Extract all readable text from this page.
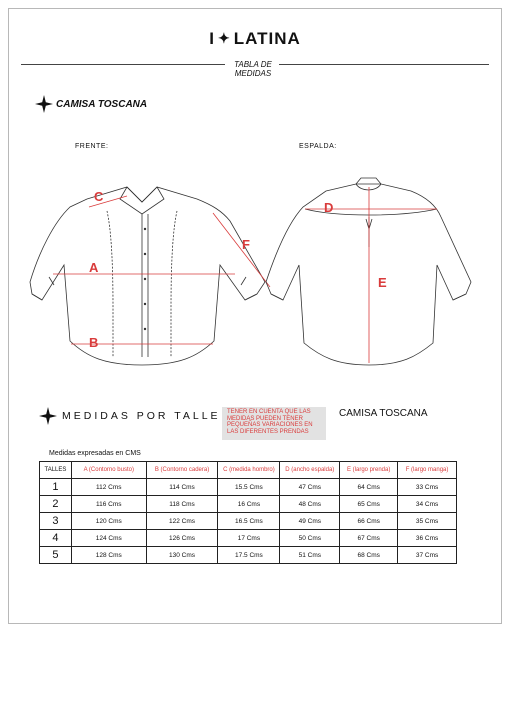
I ✦ LATINA
TABLA DE
MEDIDAS
CAMISA TOSCANA
FRENTE:	ESPALDA:
C
A
B
F
D
E
MEDIDAS POR TALLE	TENER EN CUENTA QUE LAS MEDIDAS PUEDEN TENER PEQUEÑAS VARIACIONES EN LAS DIFERENTES PRENDAS
CAMISA TOSCANA
Medidas expresadas en CMS
TALLES	A (Contorno busto)	B (Contorno cadera)	C (medida hombro)	D (ancho espalda)	E (largo prenda)	F (largo manga)
1	112 Cms	114 Cms	15.5 Cms	47 Cms	64 Cms	33 Cms
2	116 Cms	118 Cms	16 Cms	48 Cms	65 Cms	34 Cms
3	120 Cms	122 Cms	16.5 Cms	49 Cms	66 Cms	35 Cms
4	124 Cms	126 Cms	17 Cms	50 Cms	67 Cms	36 Cms
5	128 Cms	130 Cms	17.5 Cms	51 Cms	68 Cms	37 Cms
